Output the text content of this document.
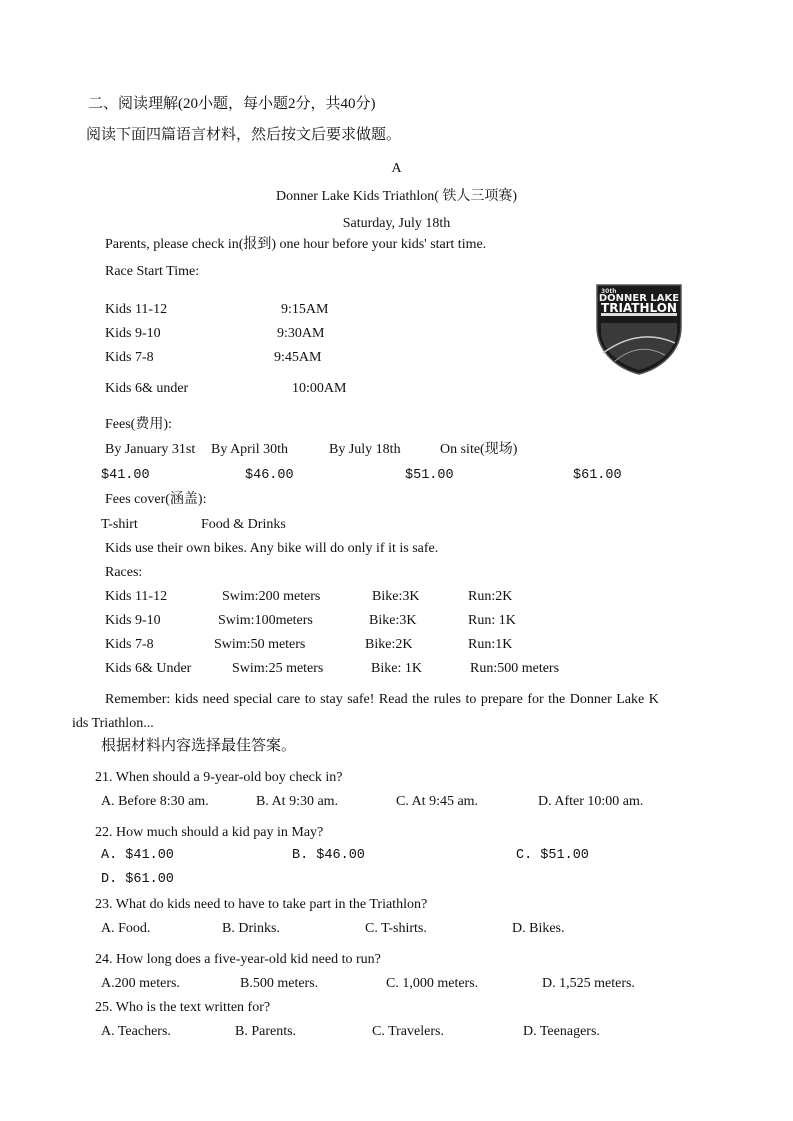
二、阅读理解(20小题，每小题2分，共40分)
阅读下面四篇语言材料，然后按文后要求做题。
A
Donner Lake Kids Triathlon( 铁人三项赛)
Saturday, July 18th
Parents, please check in(报到) one hour before your kids' start time.
Race Start Time:
Kids 11-12	9:15AM
Kids 9-10	9:30AM
Kids 7-8	9:45AM
Kids 6& under	10:00AM
30th
DONNER LAKE
TRIATHLON
Fees(费用):
By January 31st By April 30th	By July 18th	On site(现场)
$41.00	$46.00	$51.00	$61.00
Fees cover(涵盖):
T-shirt	Food & Drinks
Kids use their own bikes. Any bike will do only if it is safe.
Races:
Kids 11-12	Swim:200 meters	Bike:3K	Run:2K
Kids 9-10	Swim:100meters	Bike:3K	Run: 1K
Kids 7-8	Swim:50 meters	Bike:2K	Run:1K
Kids 6& Under	Swim:25 meters	Bike: 1K	Run:500 meters
Remember: kids need special care to stay safe! Read the rules to prepare for the Donner Lake K
ids Triathlon...
根据材料内容选择最佳答案。
21. When should a 9-year-old boy check in?
A. Before 8:30 am.	B. At 9:30 am.	C. At 9:45 am.	D. After 10:00 am.
22. How much should a kid pay in May?
A. $41.00	B. $46.00	C. $51.00
D. $61.00
23. What do kids need to have to take part in the Triathlon?
A. Food.	B. Drinks.	C. T-shirts.	D. Bikes.
24. How long does a five-year-old kid need to run?
A.200 meters.	B.500 meters.	C. 1,000 meters.	D. 1,525 meters.
25. Who is the text written for?
A. Teachers.	B. Parents.	C. Travelers.	D. Teenagers.
